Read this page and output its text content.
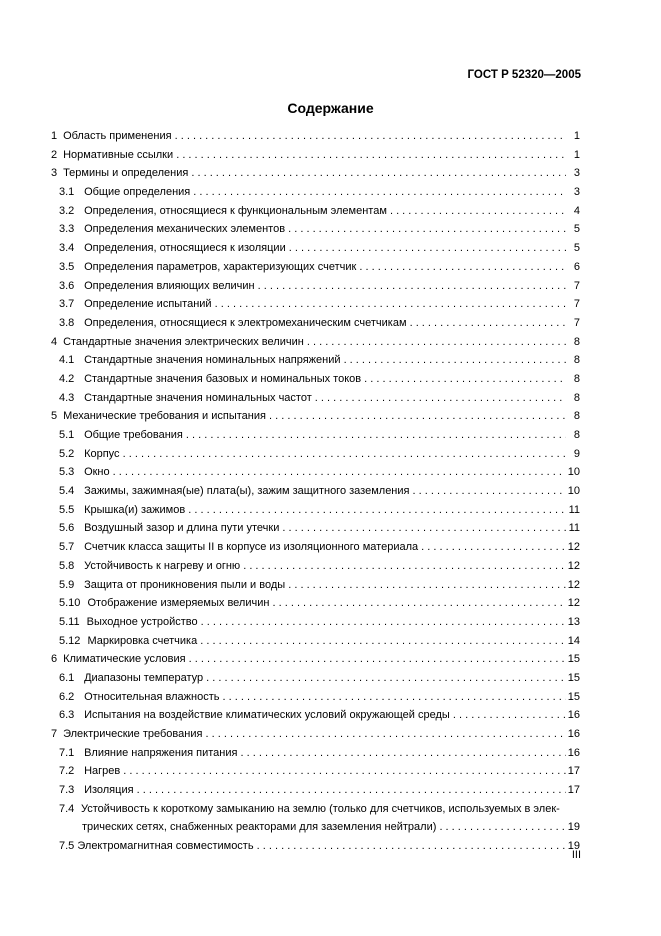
ГОСТ Р 52320—2005
Содержание
1 Область применения . . .	1
2 Нормативные ссылки . . .	1
3 Термины и определения . . .	3
3.1 Общие определения . . .	3
3.2 Определения, относящиеся к функциональным элементам . . .	4
3.3 Определения механических элементов . . .	5
3.4 Определения, относящиеся к изоляции . . .	5
3.5 Определения параметров, характеризующих счетчик . . .	6
3.6 Определения влияющих величин . . .	7
3.7 Определение испытаний . . .	7
3.8 Определения, относящиеся к электромеханическим счетчикам . . .	7
4 Стандартные значения электрических величин . . .	8
4.1 Стандартные значения номинальных напряжений . . .	8
4.2 Стандартные значения базовых и номинальных токов . . .	8
4.3 Стандартные значения номинальных частот . . .	8
5 Механические требования и испытания . . .	8
5.1 Общие требования . . .	8
5.2 Корпус . . .	9
5.3 Окно . . .	10
5.4 Зажимы, зажимная(ые) плата(ы), зажим защитного заземления . . .	10
5.5 Крышка(и) зажимов . . .	11
5.6 Воздушный зазор и длина пути утечки . . .	11
5.7 Счетчик класса защиты II в корпусе из изоляционного материала . . .	12
5.8 Устойчивость к нагреву и огню . . .	12
5.9 Защита от проникновения пыли и воды . . .	12
5.10 Отображение измеряемых величин . . .	12
5.11 Выходное устройство . . .	13
5.12 Маркировка счетчика . . .	14
6 Климатические условия . . .	15
6.1 Диапазоны температур . . .	15
6.2 Относительная влажность . . .	15
6.3 Испытания на воздействие климатических условий окружающей среды . . .	16
7 Электрические требования . . .	16
7.1 Влияние напряжения питания . . .	16
7.2 Нагрев . . .	17
7.3 Изоляция . . .	17
7.4 Устойчивость к короткому замыканию на землю (только для счетчиков, используемых в элек-
трических сетях, снабженных реакторами для заземления нейтрали) . . .	19
7.5 Электромагнитная совместимость . . .	19
III
